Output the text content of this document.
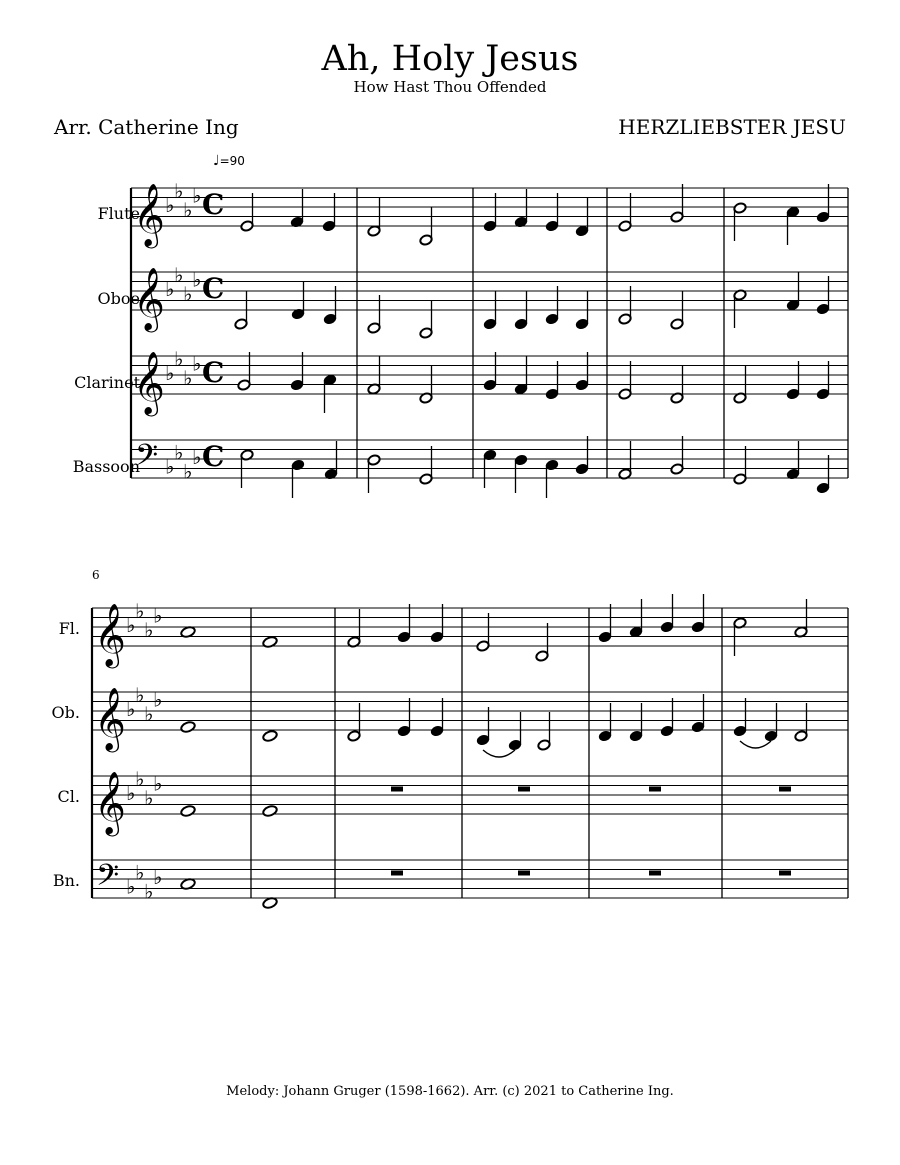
Ah, Holy Jesus
How Hast Thou Offended
Arr. Catherine Ing	HERZLIEBSTER JESU
♩=90
Flute
Oboe
Clarinet
Bassoon
Fl.
Ob.
Cl.
Bn.
6
𝄞 ♭
♭
♭
♭ C
𝄞 ♭
♭
♭
♭ C
𝄞 ♭
♭
♭
♭ C
𝄢 ♭
♭
♭
♭ C
𝄞 ♭
♭
♭
♭
𝄞 ♭
♭
♭
♭
𝄞 ♭
♭
♭
♭
𝄢 ♭
♭
♭
♭
Melody: Johann Gruger (1598-1662). Arr. (c) 2021 to Catherine Ing.
